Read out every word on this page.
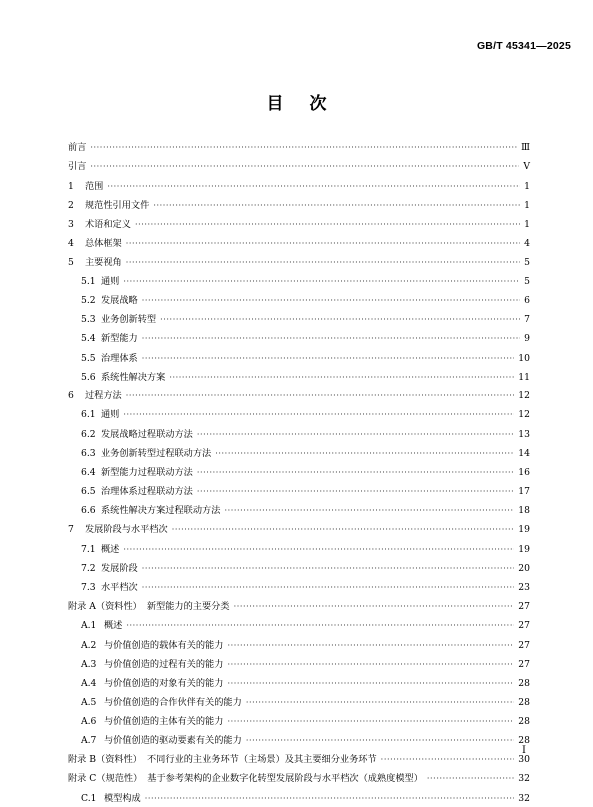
GB/T 45341—2025
目 次
前言 ·····	Ⅲ
引言 ·····	Ⅴ
1	范围 ·····	1
2	规范性引用文件 ·····	1
3	术语和定义 ·····	1
4	总体框架 ·····	4
5	主要视角 ·····	5
5.1 通则 ·····	5
5.2 发展战略 ·····	6
5.3 业务创新转型 ·····	7
5.4 新型能力 ·····	9
5.5 治理体系 ·····	10
5.6 系统性解决方案 ·····	11
6	过程方法 ·····	12
6.1 通则 ·····	12
6.2 发展战略过程联动方法 ·····	13
6.3 业务创新转型过程联动方法 ·····	14
6.4 新型能力过程联动方法 ·····	16
6.5 治理体系过程联动方法 ·····	17
6.6 系统性解决方案过程联动方法 ·····	18
7	发展阶段与水平档次 ·····	19
7.1 概述 ·····	19
7.2 发展阶段 ·····	20
7.3 水平档次 ·····	23
附录 A（资料性） 新型能力的主要分类 ·····	27
A.1 概述 ·····	27
A.2 与价值创造的载体有关的能力 ·····	27
A.3 与价值创造的过程有关的能力 ·····	27
A.4 与价值创造的对象有关的能力 ·····	28
A.5 与价值创造的合作伙伴有关的能力 ·····	28
A.6 与价值创造的主体有关的能力 ·····	28
A.7 与价值创造的驱动要素有关的能力 ·····	28
附录 B（资料性） 不同行业的主业务环节（主场景）及其主要细分业务环节 ·····	30
附录 C（规范性） 基于参考架构的企业数字化转型发展阶段与水平档次（成熟度模型） ·····	32
C.1 模型构成 ·····	32
Ⅰ
